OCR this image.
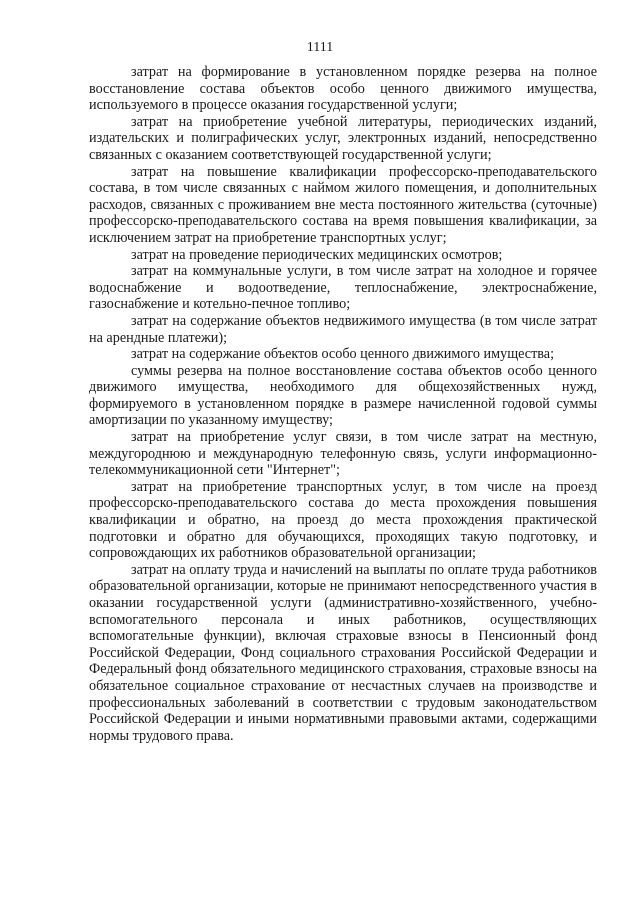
1111

затрат на формирование в установленном порядке резерва на полное восстановление состава объектов особо ценного движимого имущества, используемого в процессе оказания государственной услуги;

затрат на приобретение учебной литературы, периодических изданий, издательских и полиграфических услуг, электронных изданий, непосредственно связанных с оказанием соответствующей государственной услуги;

затрат на повышение квалификации профессорско-преподавательского состава, в том числе связанных с наймом жилого помещения, и дополнительных расходов, связанных с проживанием вне места постоянного жительства (суточные) профессорско-преподавательского состава на время повышения квалификации, за исключением затрат на приобретение транспортных услуг;

затрат на проведение периодических медицинских осмотров;

затрат на коммунальные услуги, в том числе затрат на холодное и горячее водоснабжение и водоотведение, теплоснабжение, электроснабжение, газоснабжение и котельно-печное топливо;

затрат на содержание объектов недвижимого имущества (в том числе затрат на арендные платежи);

затрат на содержание объектов особо ценного движимого имущества;

суммы резерва на полное восстановление состава объектов особо ценного движимого имущества, необходимого для общехозяйственных нужд, формируемого в установленном порядке в размере начисленной годовой суммы амортизации по указанному имуществу;

затрат на приобретение услуг связи, в том числе затрат на местную, междугороднюю и международную телефонную связь, услуги информационно-телекоммуникационной сети "Интернет";

затрат на приобретение транспортных услуг, в том числе на проезд профессорско-преподавательского состава до места прохождения повышения квалификации и обратно, на проезд до места прохождения практической подготовки и обратно для обучающихся, проходящих такую подготовку, и сопровождающих их работников образовательной организации;

затрат на оплату труда и начислений на выплаты по оплате труда работников образовательной организации, которые не принимают непосредственного участия в оказании государственной услуги (административно-хозяйственного, учебно-вспомогательного персонала и иных работников, осуществляющих вспомогательные функции), включая страховые взносы в Пенсионный фонд Российской Федерации, Фонд социального страхования Российской Федерации и Федеральный фонд обязательного медицинского страхования, страховые взносы на обязательное социальное страхование от несчастных случаев на производстве и профессиональных заболеваний в соответствии с трудовым законодательством Российской Федерации и иными нормативными правовыми актами, содержащими нормы трудового права.
